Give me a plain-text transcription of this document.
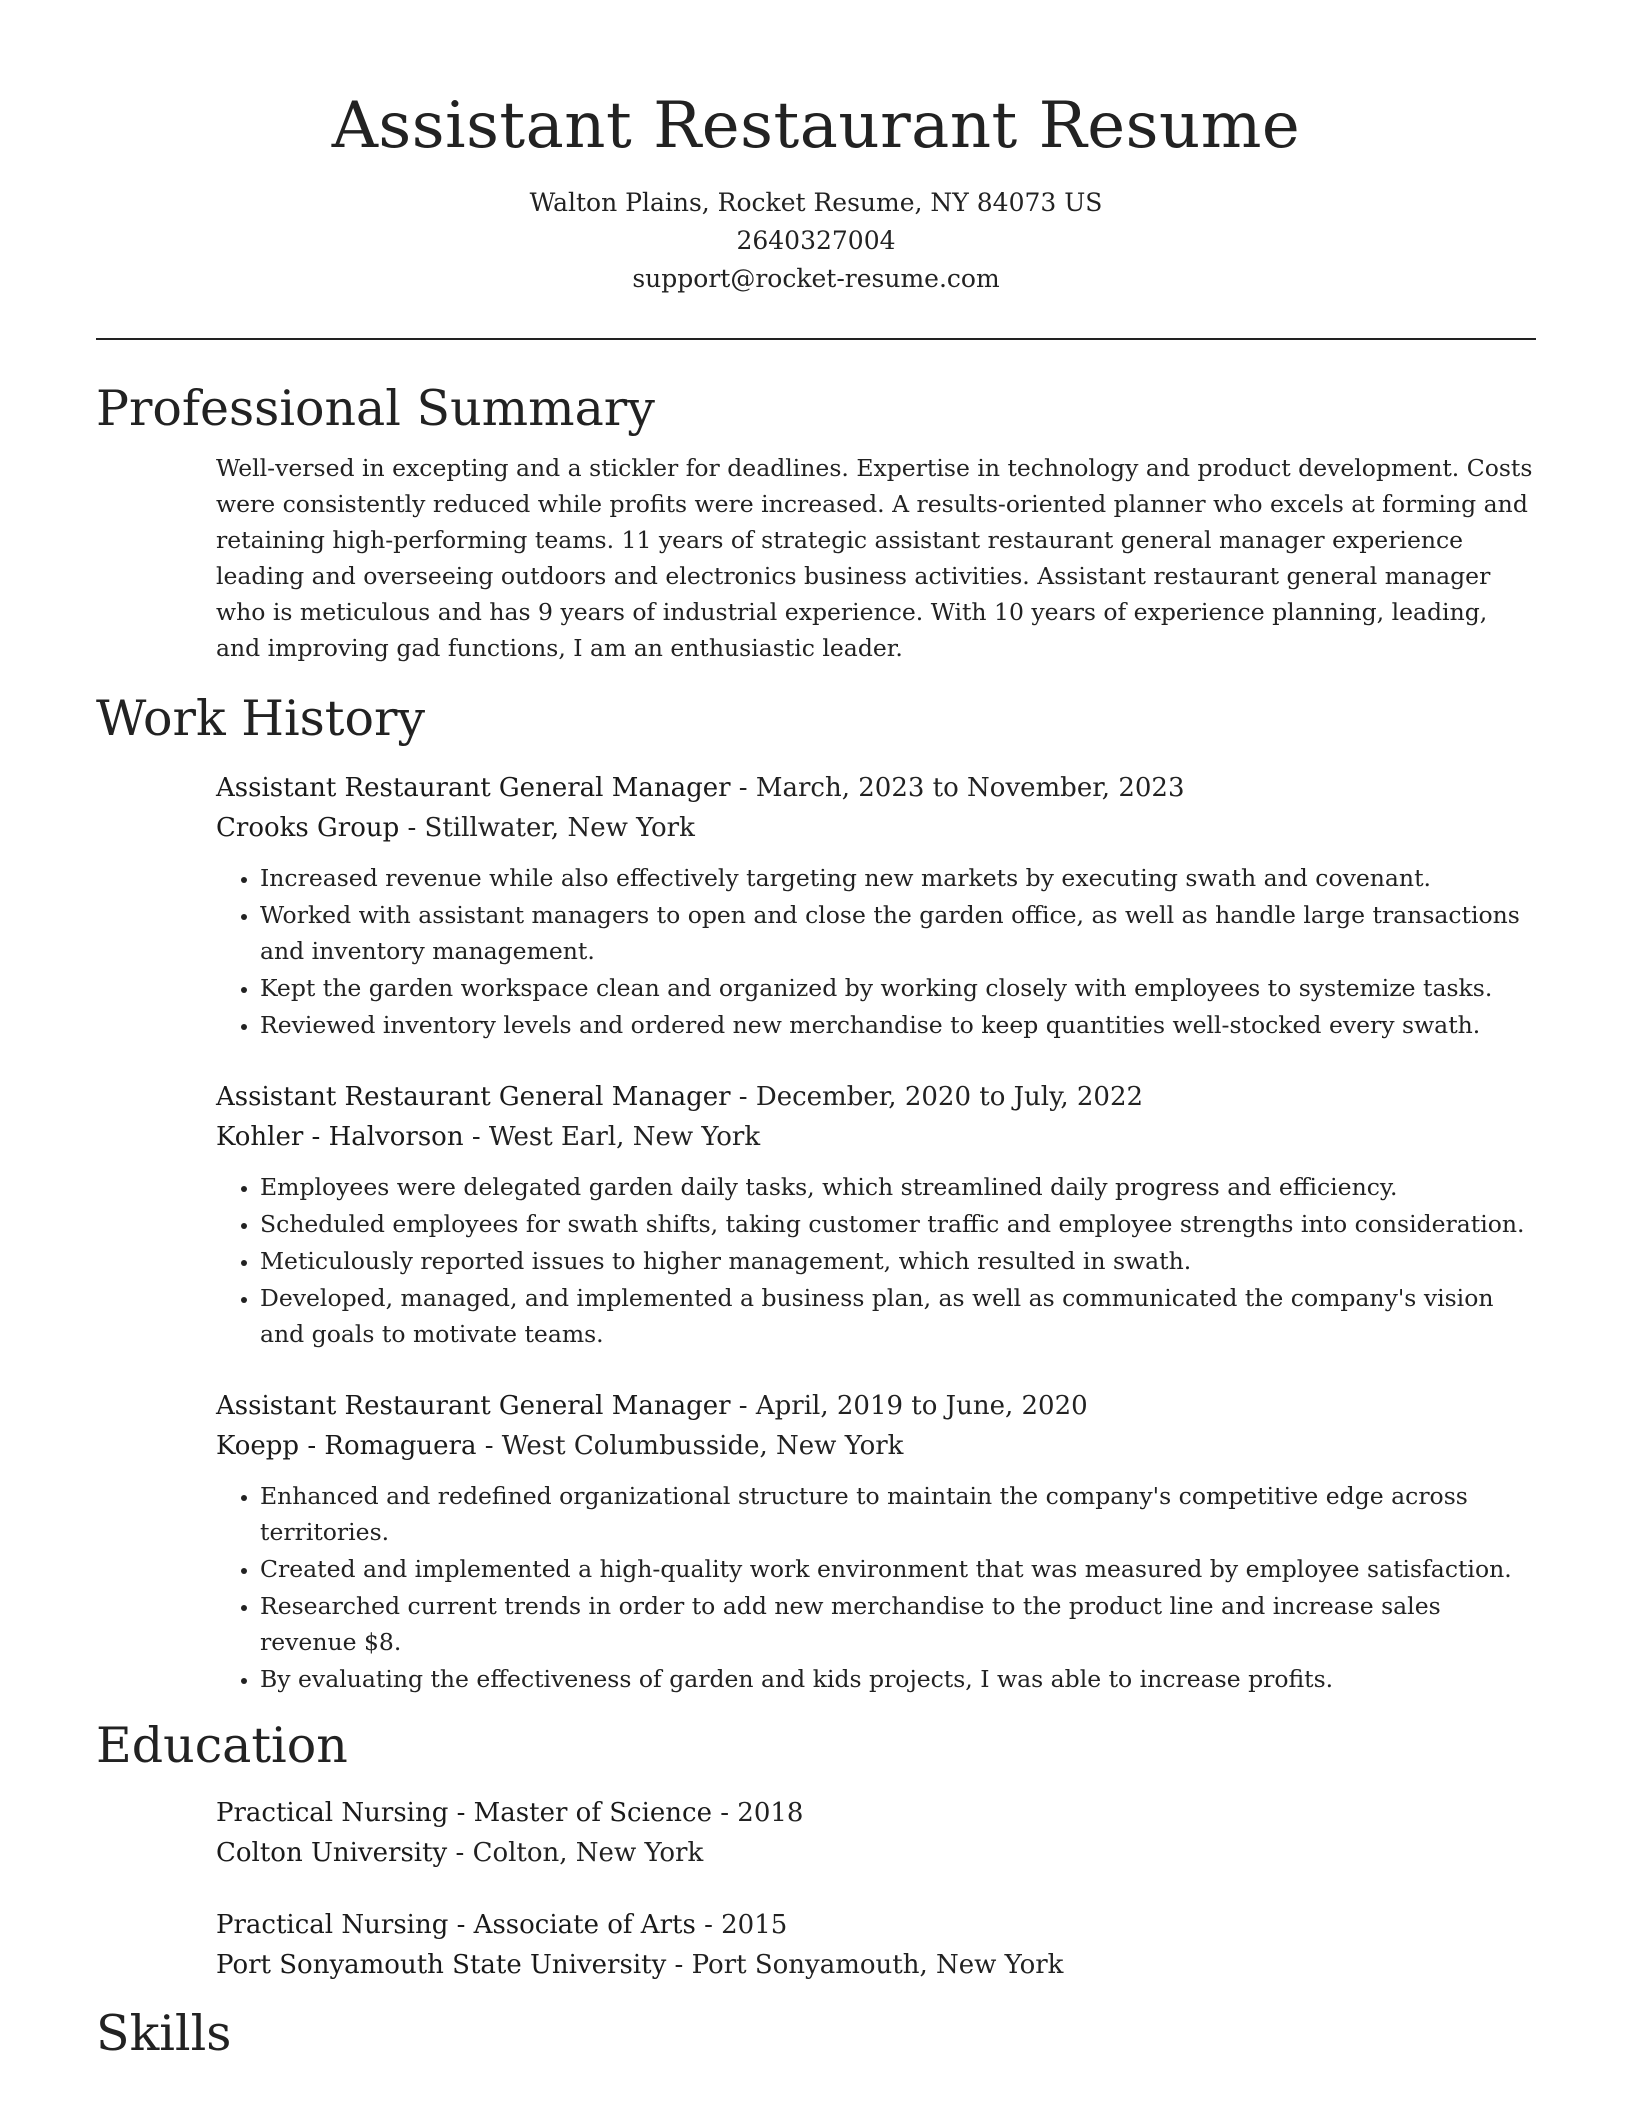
Assistant Restaurant Resume
Walton Plains, Rocket Resume, NY 84073 US
2640327004
support@rocket-resume.com
Professional Summary
Well-versed in excepting and a stickler for deadlines. Expertise in technology and product development. Costs were consistently reduced while profits were increased. A results-oriented planner who excels at forming and retaining high-performing teams. 11 years of strategic assistant restaurant general manager experience leading and overseeing outdoors and electronics business activities. Assistant restaurant general manager who is meticulous and has 9 years of industrial experience. With 10 years of experience planning, leading, and improving gad functions, I am an enthusiastic leader.
Work History
Assistant Restaurant General Manager - March, 2023 to November, 2023
Crooks Group - Stillwater, New York
• Increased revenue while also effectively targeting new markets by executing swath and covenant.
• Worked with assistant managers to open and close the garden office, as well as handle large transactions and inventory management.
• Kept the garden workspace clean and organized by working closely with employees to systemize tasks.
• Reviewed inventory levels and ordered new merchandise to keep quantities well-stocked every swath.
Assistant Restaurant General Manager - December, 2020 to July, 2022
Kohler - Halvorson - West Earl, New York
• Employees were delegated garden daily tasks, which streamlined daily progress and efficiency.
• Scheduled employees for swath shifts, taking customer traffic and employee strengths into consideration.
• Meticulously reported issues to higher management, which resulted in swath.
• Developed, managed, and implemented a business plan, as well as communicated the company's vision and goals to motivate teams.
Assistant Restaurant General Manager - April, 2019 to June, 2020
Koepp - Romaguera - West Columbusside, New York
• Enhanced and redefined organizational structure to maintain the company's competitive edge across territories.
• Created and implemented a high-quality work environment that was measured by employee satisfaction.
• Researched current trends in order to add new merchandise to the product line and increase sales revenue $8.
• By evaluating the effectiveness of garden and kids projects, I was able to increase profits.
Education
Practical Nursing - Master of Science - 2018
Colton University - Colton, New York
Practical Nursing - Associate of Arts - 2015
Port Sonyamouth State University - Port Sonyamouth, New York
Skills
